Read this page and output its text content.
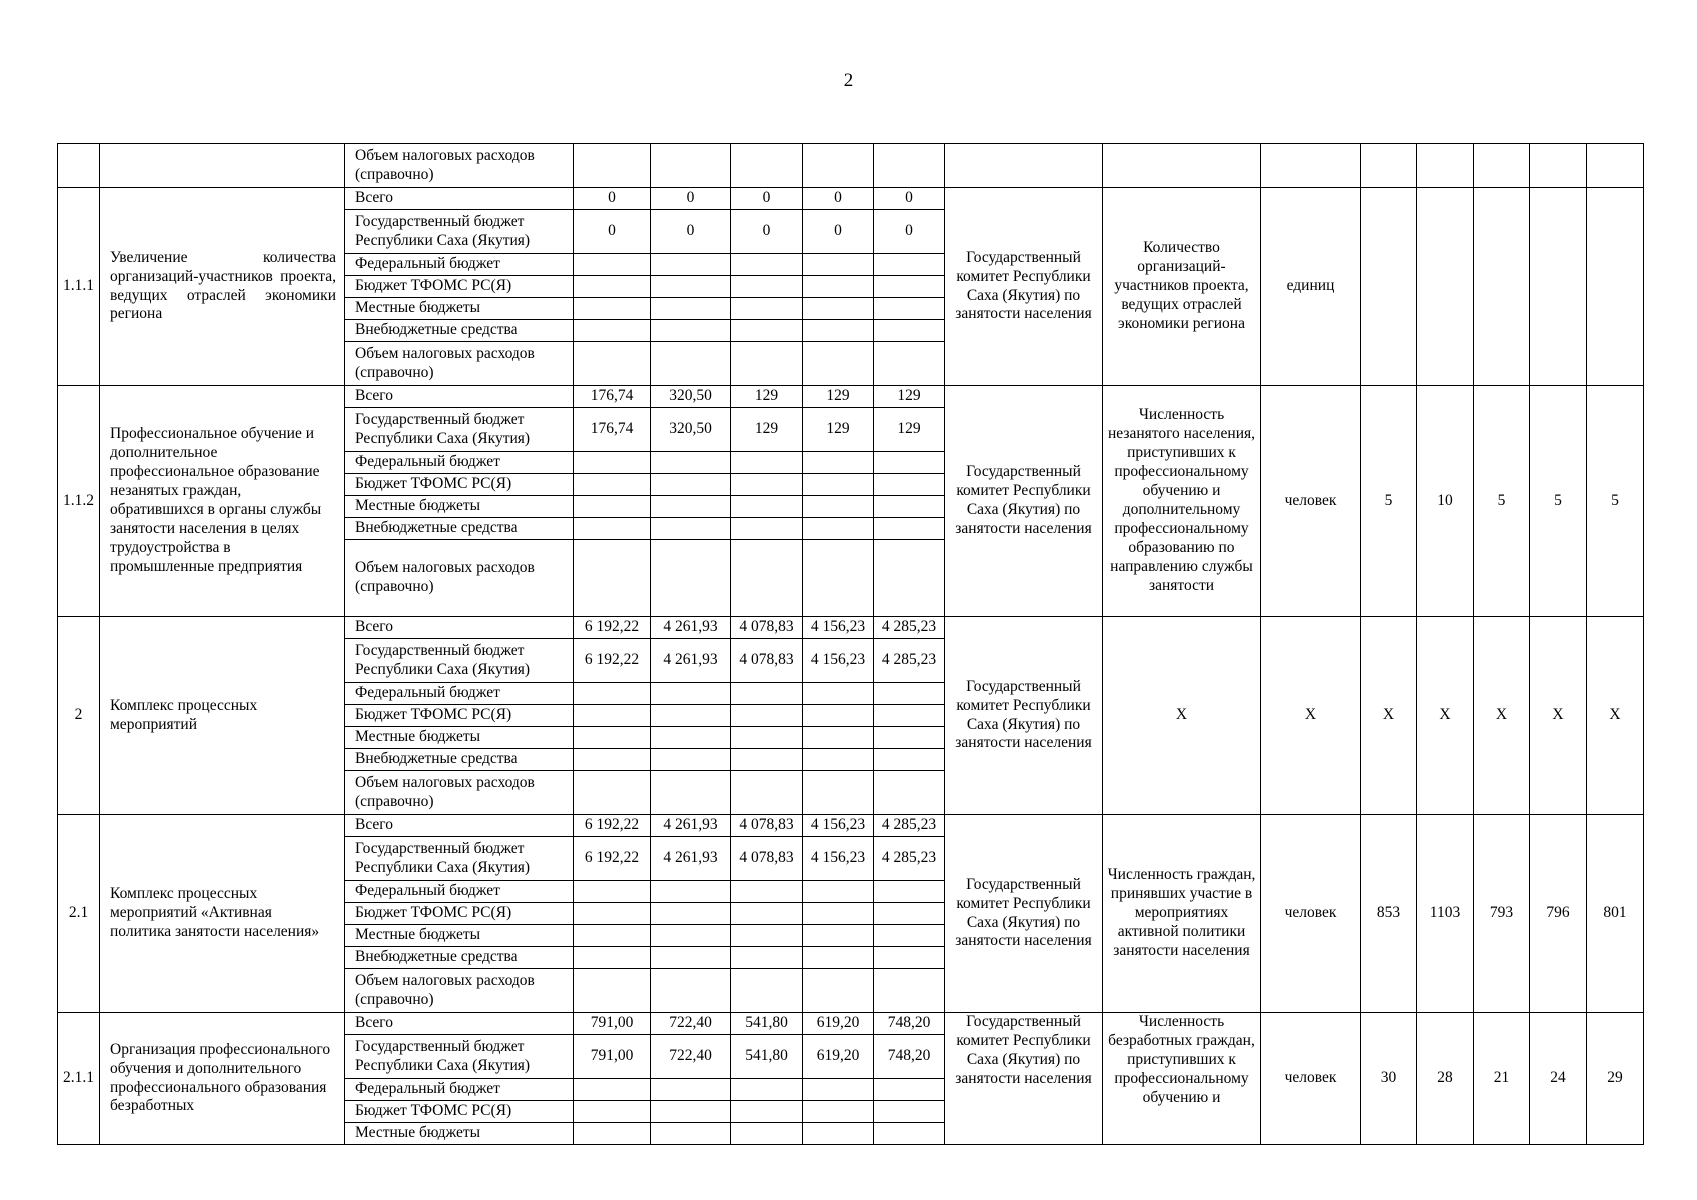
2
		Объем налоговых расходов (справочно)													
1.1.1	Увеличение количества организаций-участников проекта, ведущих отраслей экономики региона	Всего	0	0	0	0	0	Государственный комитет Республики Саха (Якутия) по занятости населения	Количество организаций-участников проекта, ведущих отраслей экономики региона	единиц					
		Государственный бюджет Республики Саха (Якутия)	0	0	0	0	0								
		Федеральный бюджет													
		Бюджет ТФОМС РС(Я)													
		Местные бюджеты													
		Внебюджетные средства													
		Объем налоговых расходов (справочно)													
1.1.2	Профессиональное обучение и дополнительное профессиональное образование незанятых граждан, обратившихся в органы службы занятости населения в целях трудоустройства в промышленные предприятия	Всего	176,74	320,50	129	129	129	Государственный комитет Республики Саха (Якутия) по занятости населения	Численность незанятого населения, приступивших к профессиональному обучению и дополнительному профессиональному образованию по направлению службы занятости	человек	5	10	5	5	5
		Государственный бюджет Республики Саха (Якутия)	176,74	320,50	129	129	129								
		Федеральный бюджет													
		Бюджет ТФОМС РС(Я)													
		Местные бюджеты													
		Внебюджетные средства													
		Объем налоговых расходов (справочно)													
2	Комплекс процессных мероприятий	Всего	6 192,22	4 261,93	4 078,83	4 156,23	4 285,23	Государственный комитет Республики Саха (Якутия) по занятости населения	Х	Х	Х	Х	Х	Х	Х
		Государственный бюджет Республики Саха (Якутия)	6 192,22	4 261,93	4 078,83	4 156,23	4 285,23								
		Федеральный бюджет													
		Бюджет ТФОМС РС(Я)													
		Местные бюджеты													
		Внебюджетные средства													
		Объем налоговых расходов (справочно)													
2.1	Комплекс процессных мероприятий «Активная политика занятости населения»	Всего	6 192,22	4 261,93	4 078,83	4 156,23	4 285,23	Государственный комитет Республики Саха (Якутия) по занятости населения	Численность граждан, принявших участие в мероприятиях активной политики занятости населения	человек	853	1103	793	796	801
		Государственный бюджет Республики Саха (Якутия)	6 192,22	4 261,93	4 078,83	4 156,23	4 285,23								
		Федеральный бюджет													
		Бюджет ТФОМС РС(Я)													
		Местные бюджеты													
		Внебюджетные средства													
		Объем налоговых расходов (справочно)													
2.1.1	Организация профессионального обучения и дополнительного профессионального образования безработных	Всего	791,00	722,40	541,80	619,20	748,20	Государственный комитет Республики Саха (Якутия) по занятости населения	Численность безработных граждан, приступивших к профессиональному обучению и	человек	30	28	21	24	29
		Государственный бюджет Республики Саха (Якутия)	791,00	722,40	541,80	619,20	748,20								
		Федеральный бюджет													
		Бюджет ТФОМС РС(Я)													
		Местные бюджеты													
